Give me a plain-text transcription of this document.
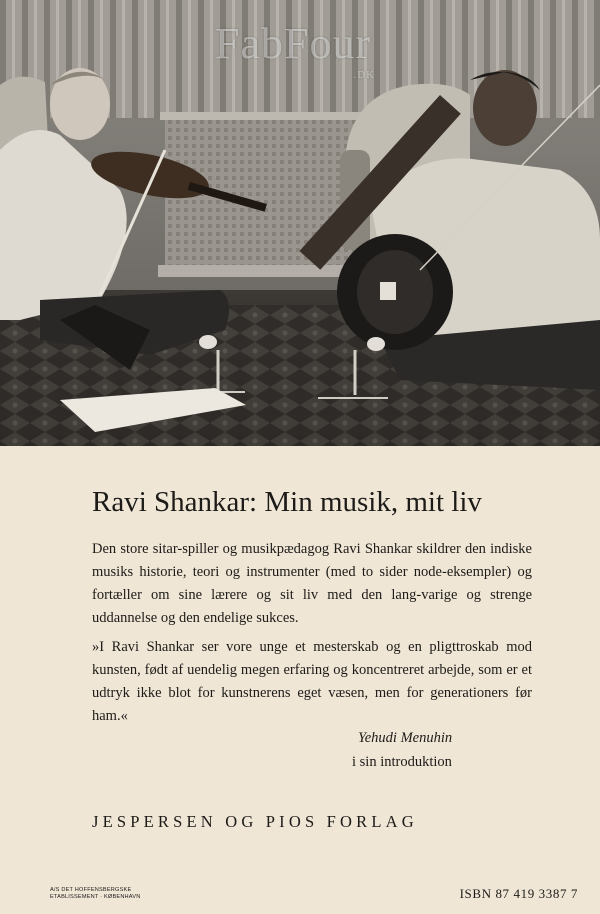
FabFour
.DK
Ravi Shankar: Min musik, mit liv

Den store sitar-spiller og musikpædagog Ravi Shankar skildrer den indiske musiks historie, teori og instrumenter (med to sider node-eksempler) og fortæller om sine lærere og sit liv med den lang-varige og strenge uddannelse og den endelige sukces.

»I Ravi Shankar ser vore unge et mesterskab og en pligttroskab mod kunsten, født af uendelig megen erfaring og koncentreret arbejde, som er et udtryk ikke blot for kunstnerens eget væsen, men for generationers før ham.«

Yehudi Menuhin
i sin introduktion
JESPERSEN OG PIOS FORLAG
A/S DET HOFFENSBERGSKE
ETABLISSEMENT · KØBENHAVN	ISBN 87 419 3387 7
